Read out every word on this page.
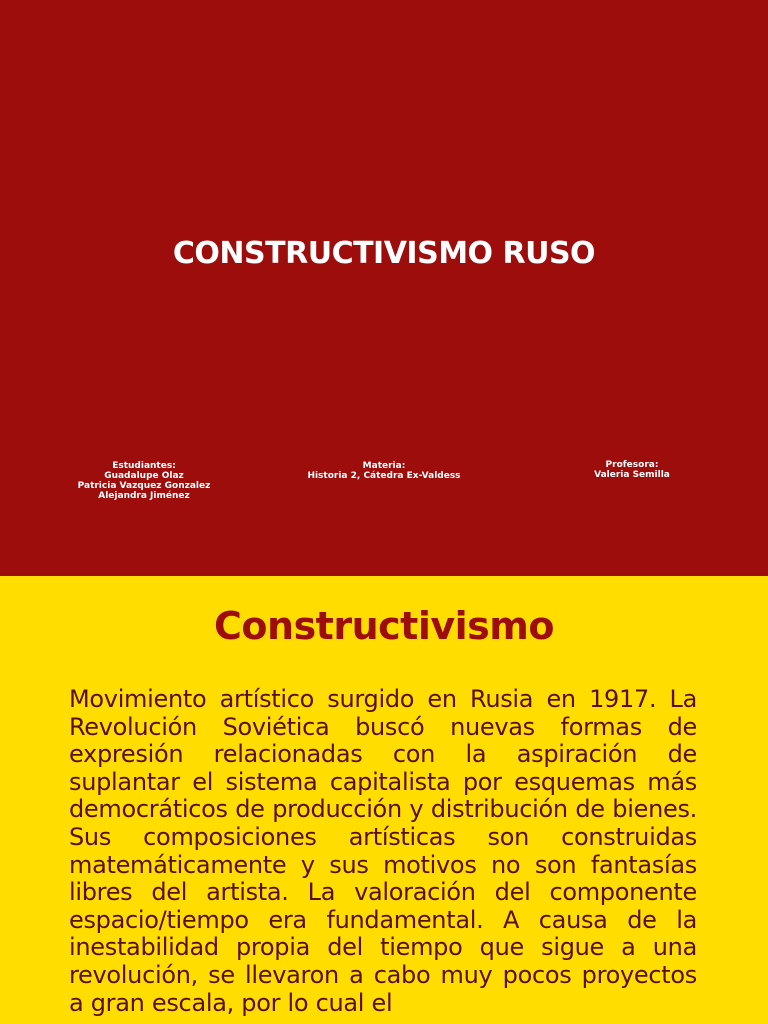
CONSTRUCTIVISMO RUSO
Estudiantes:
Guadalupe Olaz
Patricia Vazquez Gonzalez
Alejandra Jiménez
Materia:
Historia 2, Cátedra Ex-Valdess
Profesora:
Valeria Semilla
Constructivismo

Movimiento artístico surgido en Rusia en 1917. La Revolución Soviética buscó nuevas formas de expresión relacionadas con la aspiración de suplantar el sistema capitalista por esquemas más democráticos de producción y distribución de bienes. Sus composiciones artísticas son construidas matemáticamente y sus motivos no son fantasías libres del artista. La valoración del componente espacio/tiempo era fundamental. A causa de la inestabilidad propia del tiempo que sigue a una revolución, se llevaron a cabo muy pocos proyectos a gran escala, por lo cual el
